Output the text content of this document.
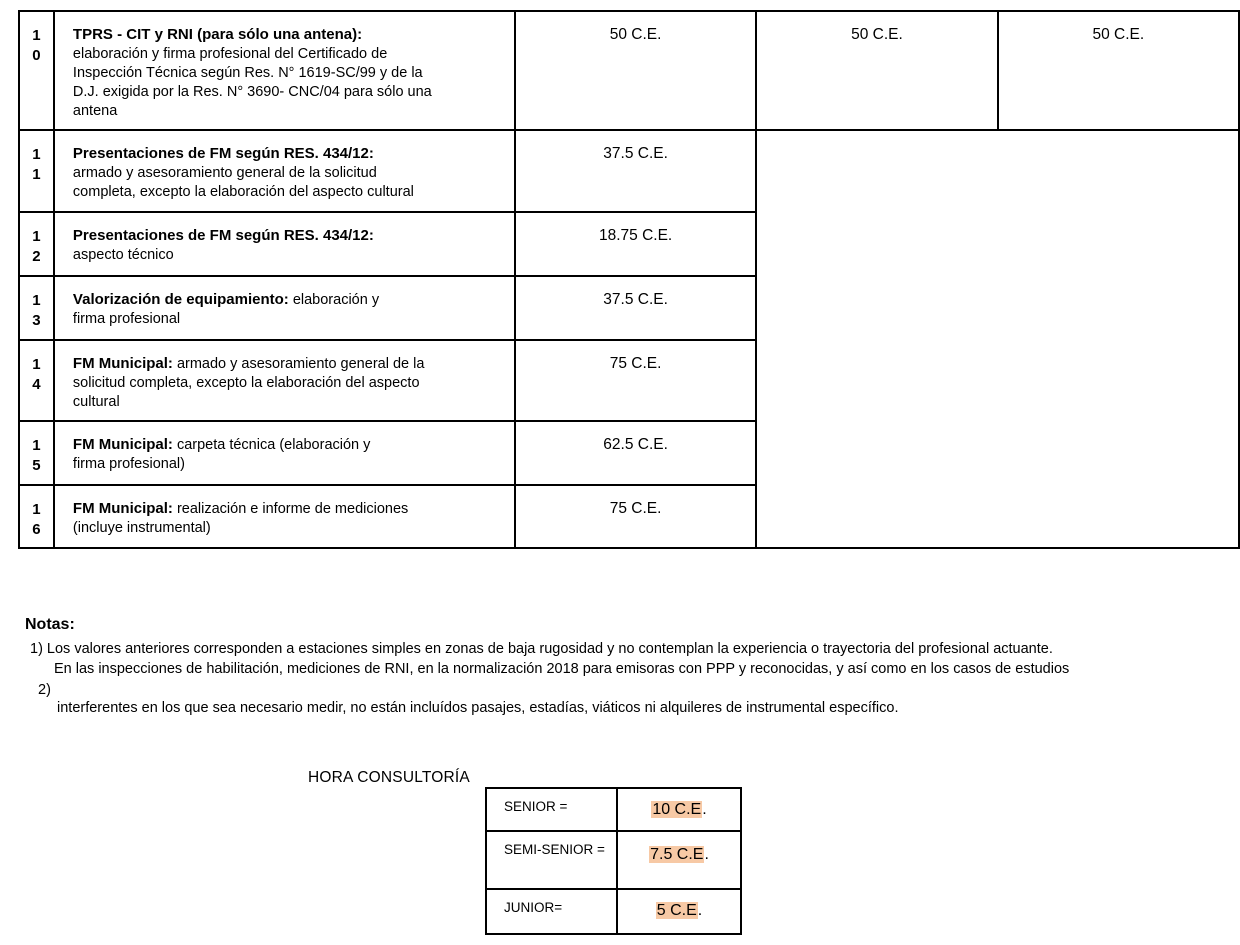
1
0	TPRS - CIT y RNI (para sólo una antena):
elaboración y firma profesional del Certificado de
Inspección Técnica según Res. N° 1619-SC/99 y de la
D.J. exigida por la Res. N° 3690- CNC/04 para sólo una
antena	50 C.E.	50 C.E.	50 C.E.

1
1	Presentaciones de FM según RES. 434/12:
armado y asesoramiento general de la solicitud
completa, excepto la elaboración del aspecto cultural	37.5 C.E.		

1
2	Presentaciones de FM según RES. 434/12:
aspecto técnico	18.75 C.E.		

1
3	Valorización de equipamiento: elaboración y
firma profesional	37.5 C.E.		

1
4	FM Municipal: armado y asesoramiento general de la
solicitud completa, excepto la elaboración del aspecto
cultural	75 C.E.		

1
5	FM Municipal: carpeta técnica (elaboración y
firma profesional)	62.5 C.E.		

1
6	FM Municipal: realización e informe de mediciones
(incluye instrumental)	75 C.E.		
Notas:
1) Los valores anteriores corresponden a estaciones simples en zonas de baja rugosidad y no contemplan la experiencia o trayectoria del profesional actuante.
En las inspecciones de habilitación, mediciones de RNI, en la normalización 2018 para emisoras con PPP y reconocidas, y así como en los casos de estudios
2)
interferentes en los que sea necesario medir, no están incluídos pasajes, estadías, viáticos ni alquileres de instrumental específico.
HORA CONSULTORÍA
SENIOR =	10 C.E.
SEMI-SENIOR =	7.5 C.E.
JUNIOR=	5 C.E.
